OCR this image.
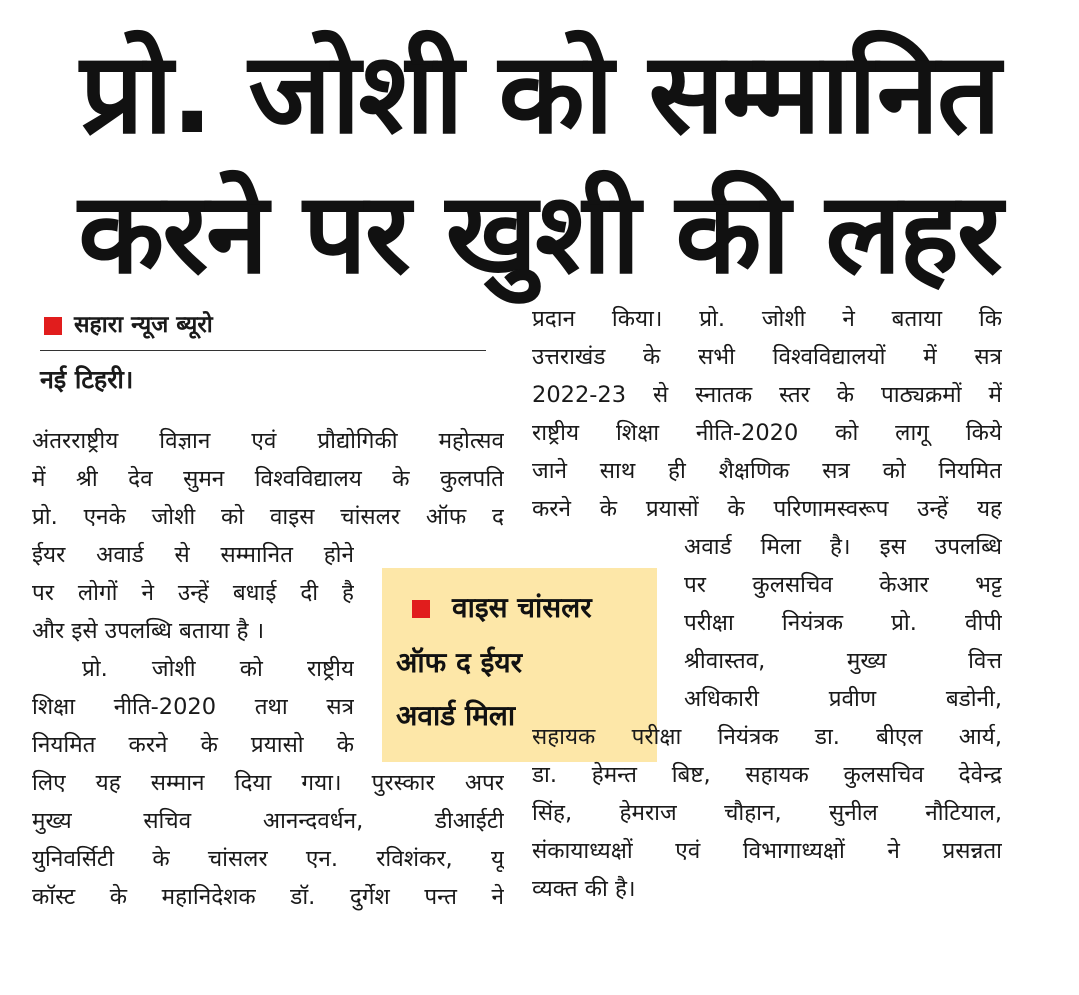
प्रो. जोशी को सम्मानित
करने पर खुशी की लहर
सहारा न्यूज ब्यूरो
नई टिहरी।
अंतरराष्ट्रीय विज्ञान एवं प्रौद्योगिकी महोत्सव
में श्री देव सुमन विश्वविद्यालय के कुलपति
प्रो. एनके जोशी को वाइस चांसलर ऑफ द
ईयर अवार्ड से सम्मानित होने
पर लोगों ने उन्हें बधाई दी है
और इसे उपलब्धि बताया है ।
प्रो. जोशी को राष्ट्रीय
शिक्षा नीति-2020 तथा सत्र
नियमित करने के प्रयासो के
लिए यह सम्मान दिया गया। पुरस्कार अपर
मुख्य सचिव आनन्दवर्धन, डीआईटी
युनिवर्सिटी के चांसलर एन. रविशंकर, यू
कॉस्ट के महानिदेशक डॉ. दुर्गेश पन्त ने
वाइस चांसलर
ऑफ द ईयर
अवार्ड मिला
प्रदान किया। प्रो. जोशी ने बताया कि
उत्तराखंड के सभी विश्वविद्यालयों में सत्र
2022-23 से स्नातक स्तर के पाठ्यक्रमों में
राष्ट्रीय शिक्षा नीति-2020 को लागू किये
जाने साथ ही शैक्षणिक सत्र को नियमित
करने के प्रयासों के परिणामस्वरूप उन्हें यह
अवार्ड मिला है। इस उपलब्धि
पर कुलसचिव केआर भट्ट
परीक्षा नियंत्रक प्रो. वीपी
श्रीवास्तव, मुख्य वित्त
अधिकारी प्रवीण बडोनी,
सहायक परीक्षा नियंत्रक डा. बीएल आर्य,
डा. हेमन्त बिष्ट, सहायक कुलसचिव देवेन्द्र
सिंह, हेमराज चौहान, सुनील नौटियाल,
संकायाध्यक्षों एवं विभागाध्यक्षों ने प्रसन्नता
व्यक्त की है।
